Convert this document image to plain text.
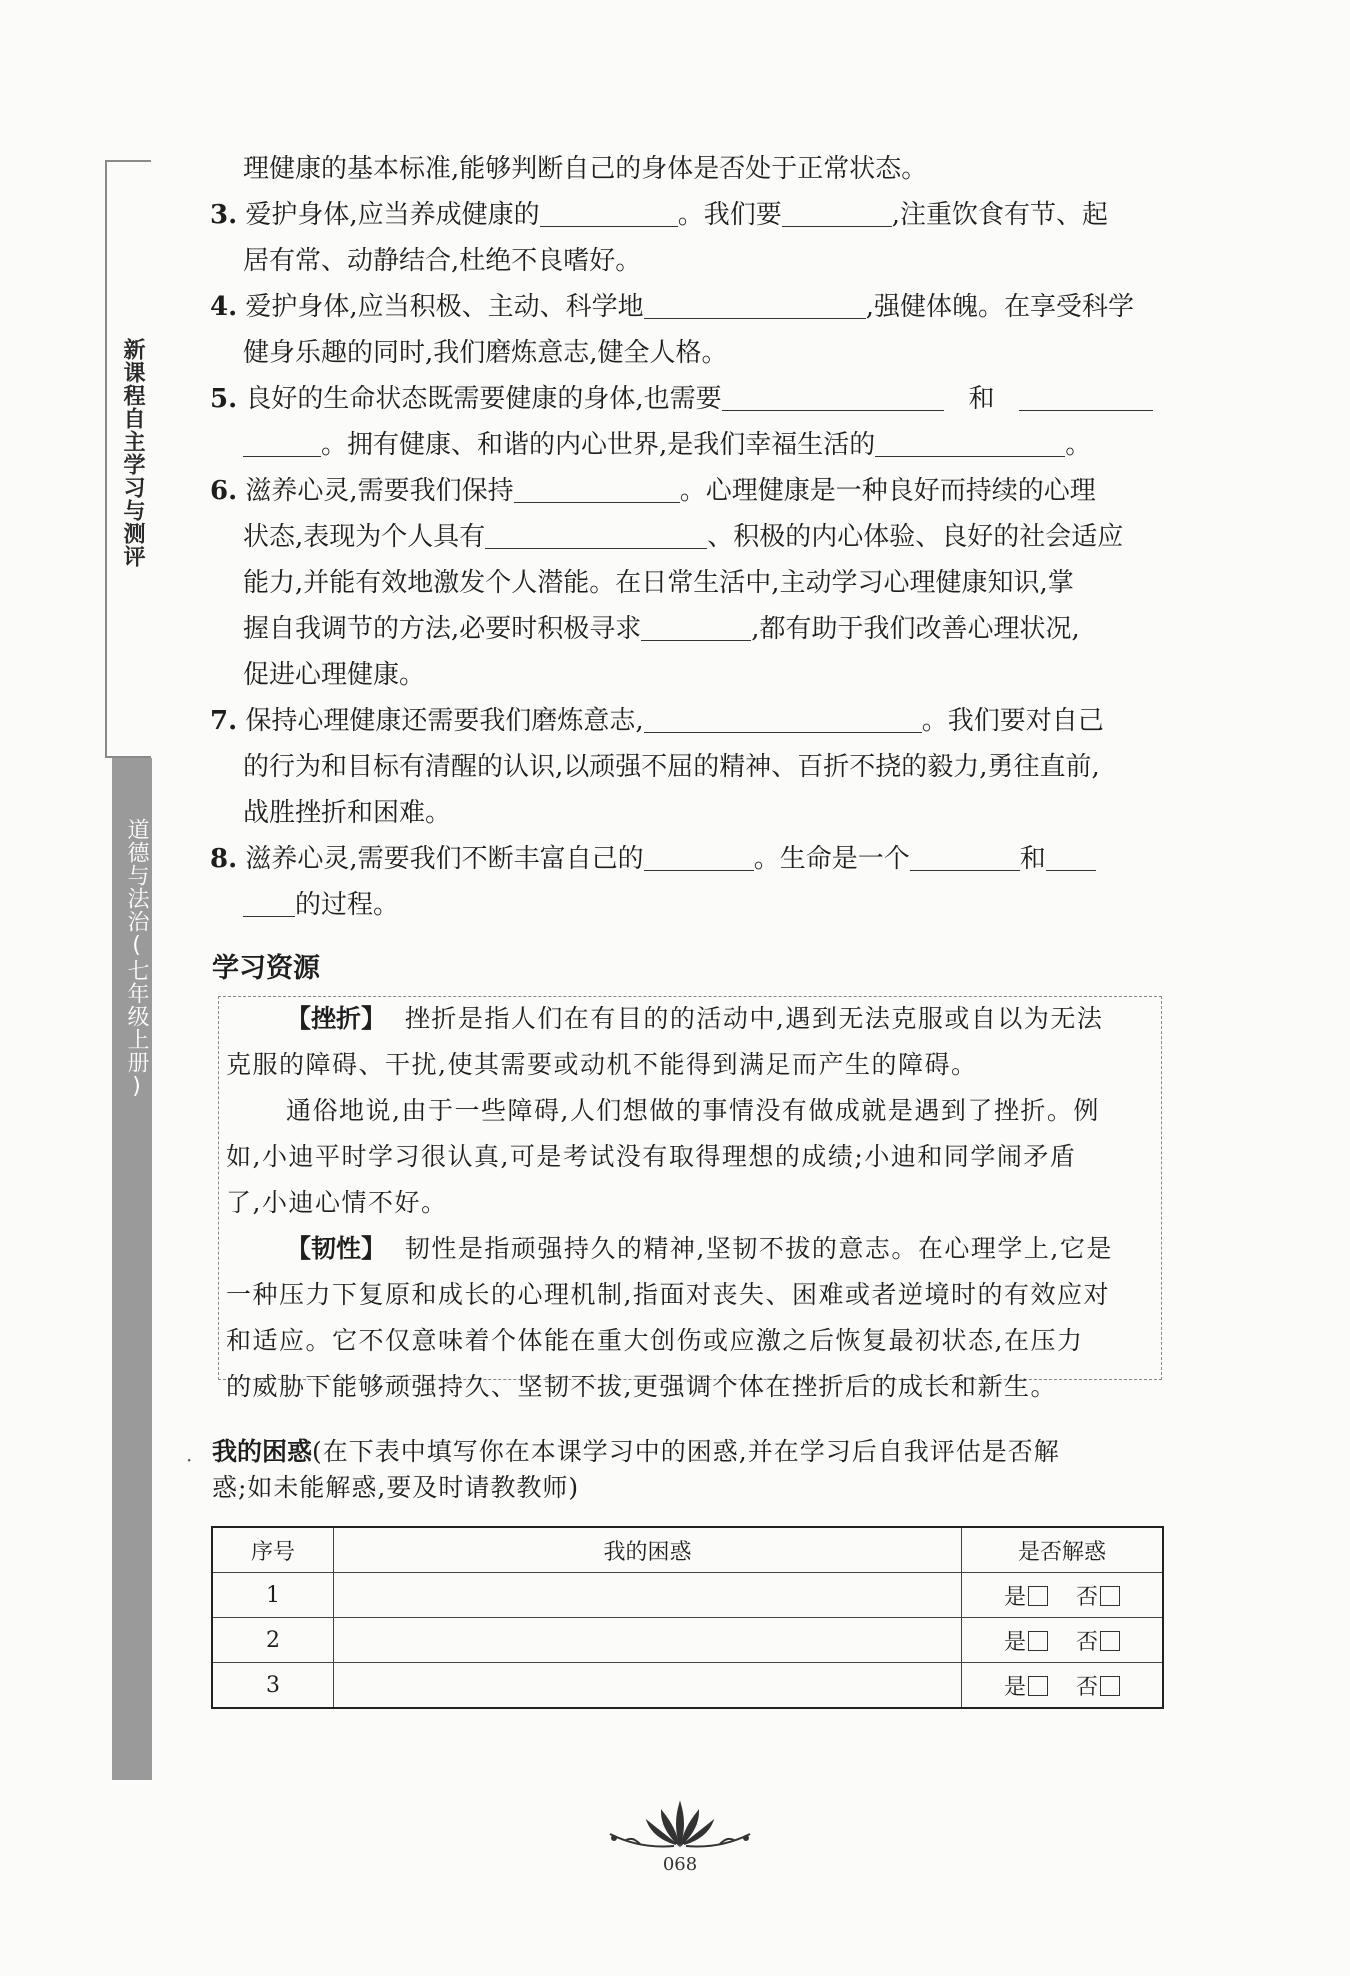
新课程自主学习与测评
道德与法治(七年级上册)
理健康的基本标准,能够判断自己的身体是否处于正常状态。
3. 爱护身体,应当养成健康的	。我们要	,注重饮食有节、起
居有常、动静结合,杜绝不良嗜好。
4. 爱护身体,应当积极、主动、科学地	,强健体魄。在享受科学
健身乐趣的同时,我们磨炼意志,健全人格。
5. 良好的生命状态既需要健康的身体,也需要	和
。拥有健康、和谐的内心世界,是我们幸福生活的	。
6. 滋养心灵,需要我们保持	。心理健康是一种良好而持续的心理
状态,表现为个人具有	、积极的内心体验、良好的社会适应
能力,并能有效地激发个人潜能。在日常生活中,主动学习心理健康知识,掌
握自我调节的方法,必要时积极寻求	,都有助于我们改善心理状况,
促进心理健康。
7. 保持心理健康还需要我们磨炼意志,	。我们要对自己
的行为和目标有清醒的认识,以顽强不屈的精神、百折不挠的毅力,勇往直前,
战胜挫折和困难。
8. 滋养心灵,需要我们不断丰富自己的	。生命是一个	和
的过程。
学习资源
【挫折】 挫折是指人们在有目的的活动中,遇到无法克服或自以为无法
克服的障碍、干扰,使其需要或动机不能得到满足而产生的障碍。
通俗地说,由于一些障碍,人们想做的事情没有做成就是遇到了挫折。例
如,小迪平时学习很认真,可是考试没有取得理想的成绩;小迪和同学闹矛盾
了,小迪心情不好。
【韧性】 韧性是指顽强持久的精神,坚韧不拔的意志。在心理学上,它是
一种压力下复原和成长的心理机制,指面对丧失、困难或者逆境时的有效应对
和适应。它不仅意味着个体能在重大创伤或应激之后恢复最初状态,在压力
的威胁下能够顽强持久、坚韧不拔,更强调个体在挫折后的成长和新生。
· 我的困惑(在下表中填写你在本课学习中的困惑,并在学习后自我评估是否解
惑;如未能解惑,要及时请教教师)
序号	我的困惑	是否解惑
1		是 否
2		是 否
3		是 否
068
